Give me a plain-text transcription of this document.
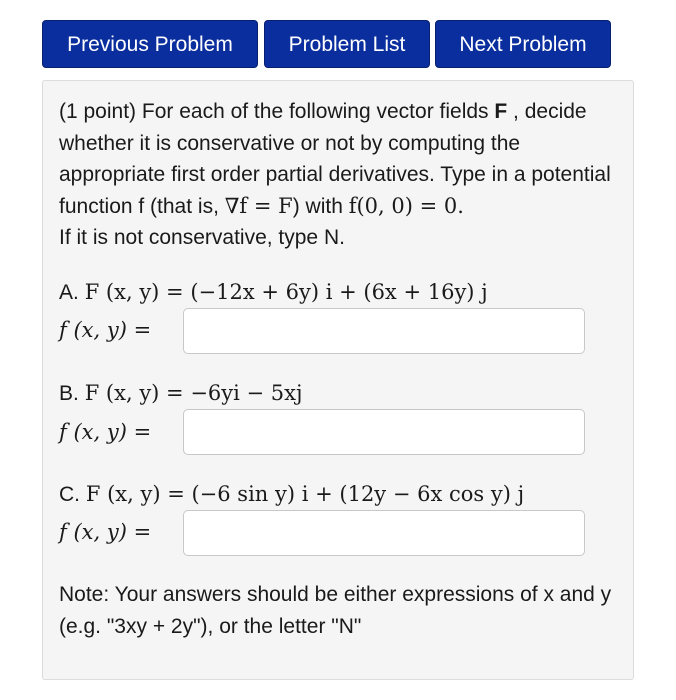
Previous Problem	Problem List	Next Problem
(1 point) For each of the following vector fields F , decide whether it is conservative or not by computing the appropriate first order partial derivatives. Type in a potential function f (that is, ∇f = F) with f(0, 0) = 0.
If it is not conservative, type N.
A. F (x, y) = (−12x + 6y) i + (6x + 16y) j
f (x, y) =
B. F (x, y) = −6yi − 5xj
f (x, y) =
C. F (x, y) = (−6 sin y) i + (12y − 6x cos y) j
f (x, y) =
Note: Your answers should be either expressions of x and y (e.g. "3xy + 2y"), or the letter "N"
